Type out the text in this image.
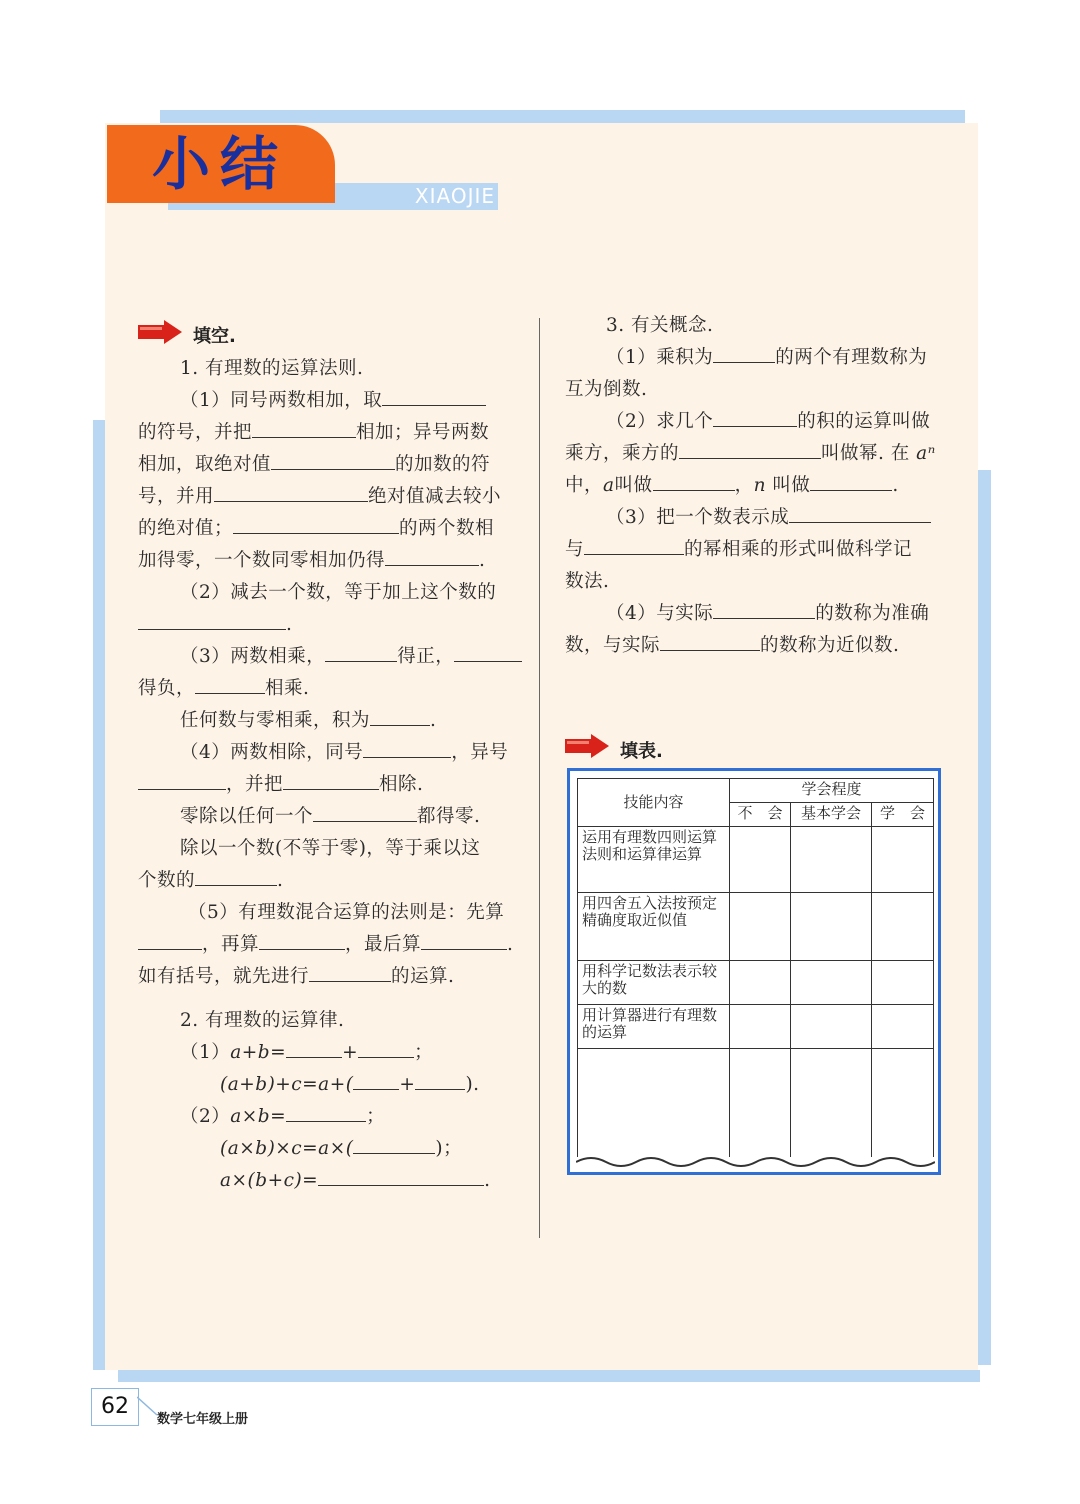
小结	XIAOJIE
填空.
1. 有理数的运算法则.
（1）同号两数相加，取
的符号，并把	相加；异号两数
相加，取绝对值	的加数的符
号，并用	绝对值减去较小
的绝对值；	的两个数相
加得零，一个数同零相加仍得	.
（2）减去一个数，等于加上这个数的
.
（3）两数相乘，	得正，
得负，	相乘.
任何数与零相乘，积为	.
（4）两数相除，同号	，异号
，并把	相除.
零除以任何一个	都得零.
除以一个数(不等于零)，等于乘以这
个数的	.
（5）有理数混合运算的法则是：先算
，再算	，最后算	.
如有括号，就先进行	的运算.
2. 有理数的运算律.
（1）a+b=	+	；
(a+b)+c=a+( +	).
（2）a×b=	；
(a×b)×c=a×(	)；
a×(b+c)=	.
3. 有关概念.
（1）乘积为	的两个有理数称为
互为倒数.
（2）求几个	的积的运算叫做
乘方，乘方的	叫做幂. 在 aⁿ
中，a叫做	，n 叫做	.
（3）把一个数表示成
与	的幂相乘的形式叫做科学记
数法.
（4）与实际	的数称为准确
数，与实际	的数称为近似数.
填表.
技能内容	学会程度		
	不　会	基本学会	学　会
运用有理数四则运算法则和运算律运算			
用四舍五入法按预定精确度取近似值			
用科学记数法表示较大的数			
用计算器进行有理数的运算			

62
数学七年级上册
